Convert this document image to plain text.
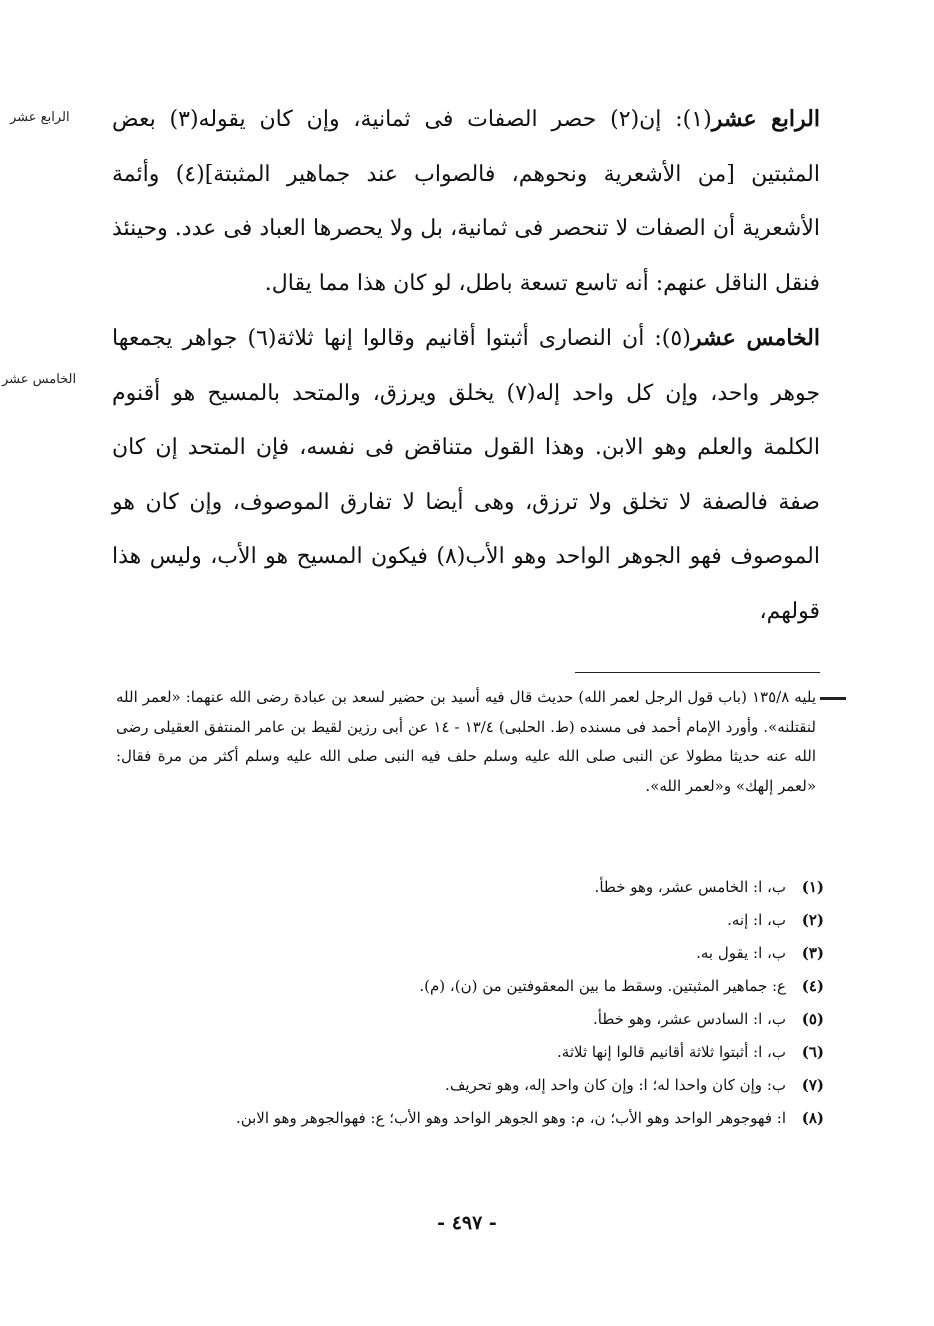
الرابع عشر
الخامس عشر

الرابع عشر(١): إن(٢) حصر الصفات فى ثمانية، وإن كان يقوله(٣) بعض المثبتين [من الأشعرية ونحوهم، فالصواب عند جماهير المثبتة](٤) وأئمة الأشعرية أن الصفات لا تنحصر فى ثمانية، بل ولا يحصرها العباد فى عدد. وحينئذ فنقل الناقل عنهم: أنه تاسع تسعة باطل، لو كان هذا مما يقال.

الخامس عشر(٥): أن النصارى أثبتوا أقانيم وقالوا إنها ثلاثة(٦) جواهر يجمعها جوهر واحد، وإن كل واحد إله(٧) يخلق ويرزق، والمتحد بالمسيح هو أقنوم الكلمة والعلم وهو الابن. وهذا القول متناقض فى نفسه، فإن المتحد إن كان صفة فالصفة لا تخلق ولا ترزق، وهى أيضا لا تفارق الموصوف، وإن كان هو الموصوف فهو الجوهر الواحد وهو الأب(٨) فيكون المسيح هو الأب، وليس هذا قولهم،

يليه ١٣٥/٨ (باب قول الرجل لعمر الله) حديث قال فيه أسيد بن حضير لسعد بن عبادة رضى الله عنهما: «لعمر الله لنقتلنه». وأورد الإمام أحمد فى مسنده (ط. الحلبى) ١٣/٤ - ١٤ عن أبى رزين لقيط بن عامر المنتفق العقيلى رضى الله عنه حديثا مطولا عن النبى صلى الله عليه وسلم حلف فيه النبى صلى الله عليه وسلم أكثر من مرة فقال: «لعمر إلهك» و«لعمر الله».
(١)
ب، ا: الخامس عشر، وهو خطأ.
(٢)
ب، ا: إنه.
(٣)
ب، ا: يقول به.
(٤)
ع: جماهير المثبتين. وسقط ما بين المعقوفتين من (ن)، (م).
(٥)
ب، ا: السادس عشر، وهو خطأ.
(٦)
ب، ا: أثبتوا ثلاثة أقانيم قالوا إنها ثلاثة.
(٧)
ب: وإن كان واحدا له؛ ا: وإن كان واحد إله، وهو تحريف.
(٨)
ا: فهوجوهر الواحد وهو الأب؛ ن، م: وهو الجوهر الواحد وهو الأب؛ ع: فهوالجوهر وهو الابن.
- ٤٩٧ -
